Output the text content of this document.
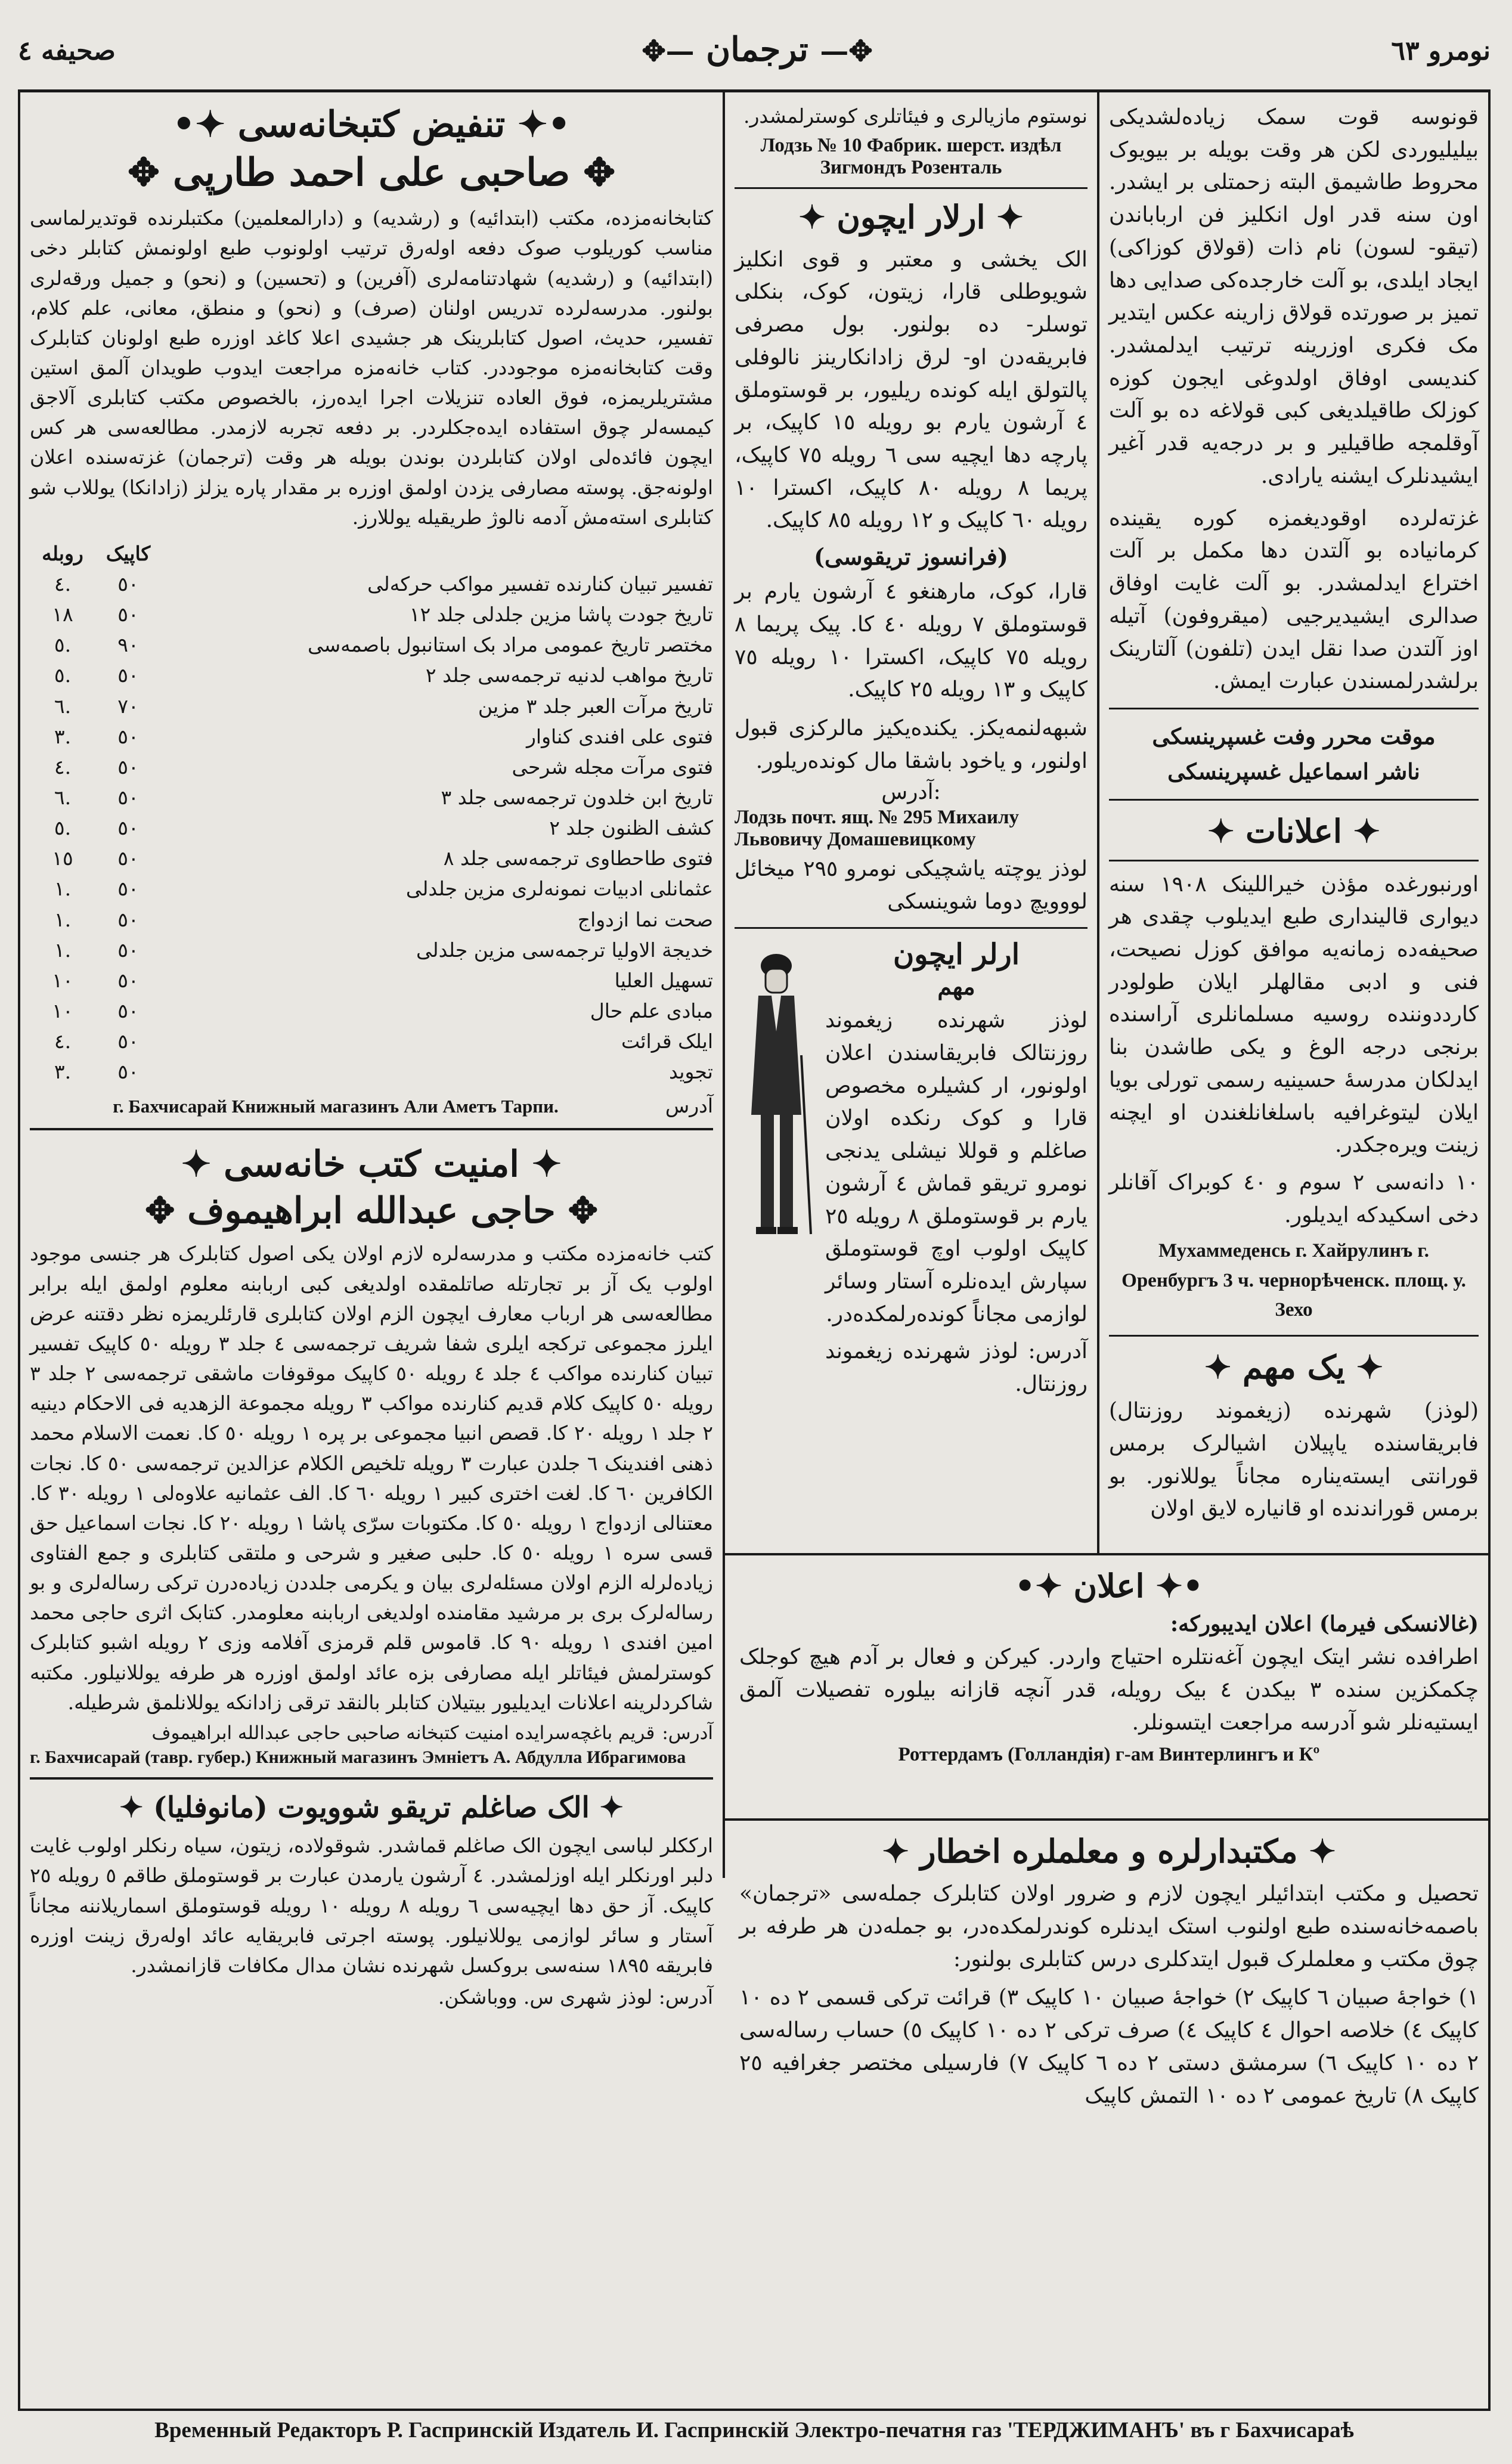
صحیفه ٤	✥— ترجمان —✥	نومرو ٦٣

قونوسه قوت سمک زیاده‌لشدیکی بیلیلیوردی لکن هر وقت بویله بر بیویوک محروط طاشیمق البته زحمتلی بر ایشدر. اون سنه قدر اول انکلیز فن ارباباندن (تیقو- لسون) نام ذات (قولاق کوزاکی) ایجاد ایلدی، بو آلت خارجده‌کی صدایی دها تمیز بر صورتده قولاق زارینه عکس ایتدیر مک فکری اوزرینه ترتیب ایدلمشدر. کندیسی اوفاق اولدوغی ایجون کوزه کوزلک طاقیلدیغی کبی قولاغه ده بو آلت آوقلمجه طاقیلیر و بر درجه‌یه قدر آغیر ایشیدنلرک ایشنه یارادی.

غزته‌لرده اوقودیغمزه کوره یقینده کرمانیاده بو آلتدن دها مکمل بر آلت اختراع ایدلمشدر. بو آلت غایت اوفاق صدالری ایشیدیرجیی (میقروفون) آتیله اوز آلتدن صدا نقل ایدن (تلفون) آلتارینک برلشدرلمسندن عبارت ایمش.

موقت محرر وفت غسپرینسکی
ناشر اسماعیل غسپرینسکی
✦ اعلانات ✦

اورنبورغده مؤذن خیراللینک ١٩٠٨ سنه دیواری قالینداری طبع ایدیلوب چقدی هر صحیفه‌ده زمانه‌یه موافق کوزل نصیحت، فنی و ادبی مقالهلر ایلان طولودر کارددوننده روسیه مسلمانلری آراسنده برنجی درجه الوغ و یکی طاشدن بنا ایدلکان مدرسهٔ حسینیه رسمی تورلی بویا ایلان لیتوغرافیه باسلغانلغندن او ایچنه زینت ویره‌جکدر.

١٠ دانه‌سی ٢ سوم و ٤٠ کوبراک آقانلر دخی اسکیدکه ایدیلور.

Мухаммеденсь г. Хайрулинъ г. Оренбургъ 3 ч. чернорѣченск. площ. у. Зехо

✦ یک مهم ✦

(لوذز) شهرنده (زیغموند روزنتال) فابریقاسنده یاپیلان اشیالرک برمس قورانتی ایسته‌یناره مجاناً یوللانور. بو برمس قوراندنده او قانیاره لایق اولان

نوستوم مازیالری و فیئاتلری کوسترلمشدر.

Лодзь № 10 Фабрик. шерст. издѣл Зигмондъ Розенталь

✦ ارلار ایچون ✦

الک یخشی و معتبر و قوی انکلیز شویوطلی قارا، زیتون، کوک، بنکلی توسلر- ده بولنور. بول مصرفی فابریقه‌دن او- لرق زادانکارینز نالوفلی پالتولق ایله کونده ریلیور، بر قوستوملق ٤ آرشون یارم بو رویله ١٥ کاپیک، بر پارچه دها ایچیه سی ٦ رویله ٧٥ کاپیک، پریما ٨ رویله ٨٠ کاپیک، اکسترا ١٠ رویله ٦٠ کاپیک و ١٢ رویله ٨٥ کاپیک.

(فرانسوز تریقوسی)

قارا، کوک، مارهنغو ٤ آرشون یارم بر قوستوملق ٧ رویله ٤٠ کا. پیک پریما ٨ رویله ٧٥ کاپیک، اکسترا ١٠ رویله ٧٥ کاپیک و ١٣ رویله ٢٥ کاپیک.

شبهه‌لنمه‌یکز. یکنده‌یکیز مالرکزی قبول اولنور، و یاخود باشقا مال کونده‌ریلور.

آدرس:

Лодзь почт. ящ. № 295 Михаилу Львовичу Домашевицкому

لوذز یوچته یاشچیکی نومرو ٢٩٥ میخائل لووویچ دوما شوینسکی

ارلر ایچون
مهم

لوذز شهرنده زیغموند روزنتالک فابریقاسندن اعلان اولونور، ار کشیلره مخصوص قارا و کوک رنکده اولان صاغلم و قوللا نیشلی یدنجی نومرو تریقو قماش ٤ آرشون یارم بر قوستوملق ٨ رویله ٢٥ کاپیک اولوب اوچ قوستوملق سپارش ایده‌نلره آستار وسائر لوازمی مجاناً کونده‌رلمکده‌در.

آدرس: لوذز شهرنده زیغموند روزنتال.

•✦ تنفیض کتبخانه‌سی ✦•
✥ صاحبی علی احمد طارپی ✥

کتابخانه‌مزده، مکتب (ابتدائیه) و (رشدیه) و (دارالمعلمین) مکتبلرنده قوتدیرلماسی مناسب کوریلوب صوک دفعه اولەرق ترتیب اولونوب طبع اولونمش کتابلر دخی (ابتدائیه) و (رشدیه) شهادتنامه‌لری (آفرین) و (تحسین) و (نحو) و جمیل ورقه‌لری بولنور. مدرسه‌لرده تدریس اولنان (صرف) و (نحو) و منطق، معانی، علم کلام، تفسیر، حدیث، اصول کتابلرینک هر جشیدی اعلا کاغد اوزره طبع اولونان کتابلرک وقت کتابخانه‌مزه موجوددر. کتاب خانه‌مزه مراجعت ایدوب طویدان آلمق استین مشتریلریمزه، فوق العاده تنزیلات اجرا ایده‌رز، بالخصوص مکتب کتابلری آلاجق کیمسه‌لر چوق استفاده ایده‌جکلردر. بر دفعه تجربه لازمدر. مطالعه‌سی هر کس ایچون فائده‌لی اولان کتابلردن بوندن بویله هر وقت (ترجمان) غزته‌سنده اعلان اولونه‌جق. پوسته مصارفی یزدن اولمق اوزره بر مقدار پاره یزلز (زادانکا) یوللاب شو کتابلری استه‌مش آدمه نالوژ طریقیله یوللارز.

کاپیک
روبله
تفسیر تبیان کنارنده تفسیر مواکب حرکه‌لی
٥٠
.٤
تاریخ جودت پاشا مزین جلدلی جلد ١٢
٥٠
١٨
مختصر تاریخ عمومی مراد بک استانبول باصمه‌سی
٩٠
.٥
تاریخ مواهب لدنیه ترجمه‌سی جلد ٢
٥٠
.٥
تاریخ مرآت العبر جلد ٣ مزین
٧٠
.٦
فتوی علی افندی کناوار
٥٠
.٣
فتوی مرآت مجله شرحی
٥٠
.٤
تاریخ ابن خلدون ترجمه‌سی جلد ٣
٥٠
.٦
کشف الظنون جلد ٢
٥٠
.٥
فتوی طاحطاوی ترجمه‌سی جلد ٨
٥٠
١٥
عثمانلی ادبیات نمونه‌لری مزین جلدلی
٥٠
.١
صحت نما ازدواج
٥٠
.١
خدیجة الاولیا ترجمه‌سی مزین جلدلی
٥٠
.١
تسهیل العلیا
٥٠
١٠
مبادی علم حال
٥٠
١٠
ایلک قرائت
٥٠
.٤
تجوید
٥٠
.٣
آدرس
г. Бахчисарай Книжный магазинъ Али Аметъ Тарпи.
✦ امنیت کتب خانه‌سی ✦
✥ حاجی عبدالله ابراهیموف ✥

کتب خانه‌مزده مکتب و مدرسه‌لره لازم اولان یکی اصول کتابلرک هر جنسی موجود اولوب یک آز بر تجارتله صاتلمقده اولدیغی کبی اربابنه معلوم اولمق ایله برابر مطالعه‌سی هر ارباب معارف ایچون الزم اولان کتابلری قارئلریمزه نظر دقتنه عرض ایلرز مجموعی ترکجه ایلری شفا شریف ترجمه‌سی ٤ جلد ٣ رویله ٥٠ کاپیک تفسیر تبیان کنارنده مواکب ٤ جلد ٤ رویله ٥٠ کاپیک موقوفات ماشقی ترجمه‌سی ٢ جلد ٣ رویله ٥٠ کاپیک کلام قدیم کنارنده مواکب ٣ رویله مجموعة الزهدیه فی الاحکام دینیه ٢ جلد ١ رویله ٢٠ کا. قصص انبیا مجموعی بر پره ١ رویله ٥٠ کا. نعمت الاسلام محمد ذهنی افندینک ٦ جلدن عبارت ٣ رویله تلخیص الکلام عزالدین ترجمه‌سی ٥٠ کا. نجات الکافرین ٦٠ کا. لغت اختری کبیر ١ رویله ٦٠ کا. الف عثمانیه علاوه‌لی ١ رویله ٣٠ کا. معتنالی ازدواج ١ رویله ٥٠ کا. مکتوبات سرّی پاشا ١ رویله ٢٠ کا. نجات اسماعیل حق قسی سره ١ رویله ٥٠ کا. حلبی صغیر و شرحی و ملتقی کتابلری و جمع الفتاوی زیاده‌لرله الزم اولان مسئله‌لری بیان و یکرمی جلددن زیاده‌درن ترکی رساله‌لری و بو رساله‌لرک بری بر مرشید مقامنده اولدیغی اربابنه معلومدر. کتابک اثری حاجی محمد امین افندی ١ رویله ٩٠ کا. قاموس قلم قرمزی آفلامه وزی ٢ رویله اشبو کتابلرک کوسترلمش فیئاتلر ایله مصارفی بزه عائد اولمق اوزره هر طرفه یوللانیلور. مکتبه شاکردلرینه اعلانات ایدیلیور بیتیلان کتابلر بالنقد ترقی زادانکه یوللانلمق شرطیله.

آدرس:
قریم باغچه‌سرایده امنیت کتبخانه صاحبی حاجی عبدالله ابراهیموف

г. Бахчисарай (тавр. губер.) Книжный магазинъ Эмніетъ А. Абдулла Ибрагимова

✦ الک صاغلم تریقو شوویوت (مانوفلیا) ✦

ارککلر لباسی ایچون الک صاغلم قماشدر. شوقولاده، زیتون، سیاه رنکلر اولوب غایت دلبر اورنکلر ایله اوزلمشدر. ٤ آرشون یارمدن عبارت بر قوستوملق طاقم ٥ رویله ٢٥ کاپیک. آز حق دها ایچیه‌سی ٦ رویله ٨ رویله ١٠ رویله قوستوملق اسماریلاننه مجاناً آستار و سائر لوازمی یوللانیلور. پوسته اجرتی فابریقایه عائد اوله‌رق زینت اوزره فابریقه ١٨٩٥ سنه‌سی بروکسل شهرنده نشان مدال مکافات قازانمشدر.

آدرس: لوذز شهری س. ووباشکن.

•✦ اعلان ✦•
(غالانسکی فیرما) اعلان ایدیبورکه:

اطرافده نشر ایتک ایچون آغه‌نتلره احتیاج واردر. کیرکن و فعال بر آدم هیچ کوجلک چکمکزین سنده ٣ بیکدن ٤ بیک رویله، قدر آنچه قازانه بیلوره تفصیلات آلمق ایستیه‌نلر شو آدرسه مراجعت ایتسونلر.

Роттердамъ (Голландія) г-ам Винтерлингъ и Кº

✦ مکتبدارلره و معلملره اخطار ✦

تحصیل و مکتب ابتدائیلر ایچون لازم و ضرور اولان کتابلرک جمله‌سی «ترجمان» باصمه‌خانه‌سنده طبع اولنوب استک ایدنلره کوندرلمکده‌در، بو جمله‌دن هر طرفه بر چوق مکتب و معلملرک قبول ایتدکلری درس کتابلری بولنور:

١) خواجهٔ صبیان ٦ کاپیک ٢) خواجهٔ صبیان ١٠ کاپیک ٣) قرائت ترکی قسمی ٢ ده ١٠ کاپیک ٤) خلاصه احوال ٤ کاپیک ٤) صرف ترکی ٢ ده ١٠ کاپیک ٥) حساب رساله‌سی ٢ ده ١٠ کاپیک ٦) سرمشق دستی ٢ ده ٦ کاپیک ٧) فارسیلی مختصر جغرافیه ٢٥ کاپیک ٨) تاریخ عمومی ٢ ده ١٠ التمش کاپیک

Временный Редакторъ Р. Гаспринскій Издатель И. Гаспринскій Электро-печатня газ 'ТЕРДЖИМАНЪ' въ г Бахчисараѣ
